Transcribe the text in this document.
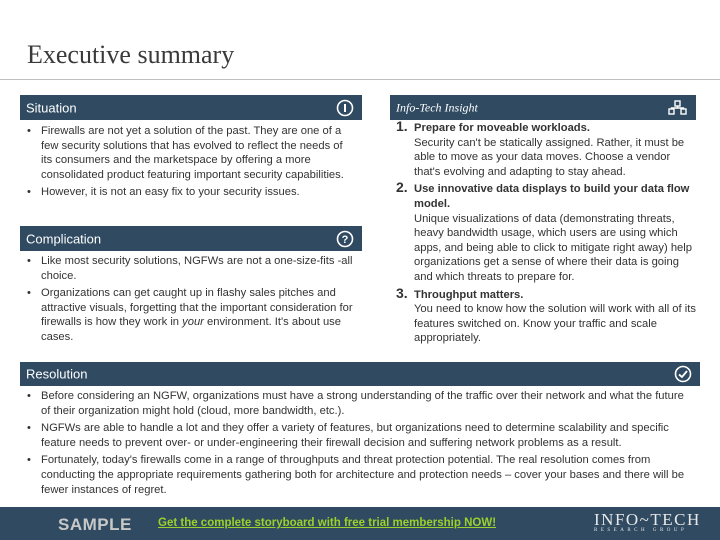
Executive summary
Situation
• Firewalls are not yet a solution of the past. They are one of a few security solutions that has evolved to reflect the needs of its consumers and the marketspace by offering a more consolidated product featuring important security capabilities.
• However, it is not an easy fix to your security issues.
Complication	?
• Like most security solutions, NGFWs are not a one-size-fits -all choice.
• Organizations can get caught up in flashy sales pitches and attractive visuals, forgetting that the important consideration for firewalls is how they work in your environment. It's about use cases.
Info-Tech Insight
1. Prepare for moveable workloads.
Security can't be statically assigned. Rather, it must be able to move as your data moves. Choose a vendor that's evolving and adapting to stay ahead.
2. Use innovative data displays to build your data flow model.
Unique visualizations of data (demonstrating threats, heavy bandwidth usage, which users are using which apps, and being able to click to mitigate right away) help organizations get a sense of where their data is going and which threats to prepare for.
3. Throughput matters.
You need to know how the solution will work with all of its features switched on. Know your traffic and scale appropriately.
Resolution
• Before considering an NGFW, organizations must have a strong understanding of the traffic over their network and what the future of their organization might hold (cloud, more bandwidth, etc.).
• NGFWs are able to handle a lot and they offer a variety of features, but organizations need to determine scalability and specific feature needs to prevent over- or under-engineering their firewall decision and suffering network problems as a result.
• Fortunately, today's firewalls come in a range of throughputs and threat protection potential. The real resolution comes from conducting the appropriate requirements gathering both for architecture and protection needs – cover your bases and there will be fewer instances of regret.
SAMPLE Get the complete storyboard with free trial membership NOW!	INFO~TECH
RESEARCH GROUP
